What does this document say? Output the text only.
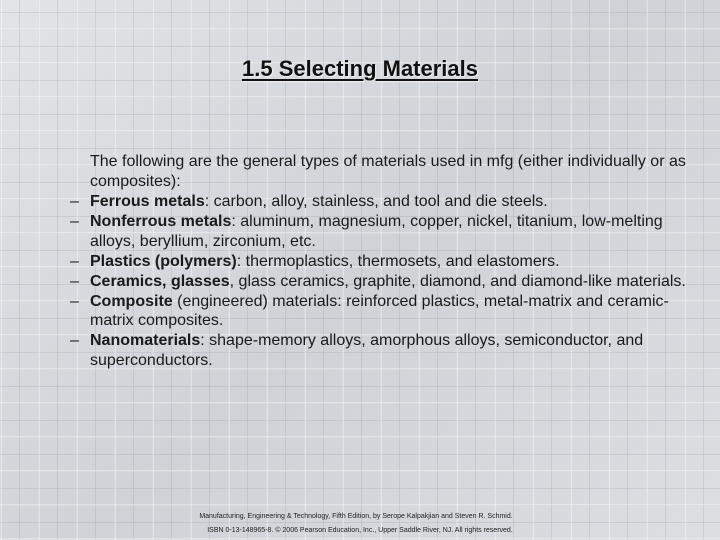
1.5 Selecting Materials

The following are the general types of materials used in mfg (either individually or as composites):

– Ferrous metals: carbon, alloy, stainless, and tool and die steels.
– Nonferrous metals: aluminum, magnesium, copper, nickel, titanium, low-melting alloys, beryllium, zirconium, etc.
– Plastics (polymers): thermoplastics, thermosets, and elastomers.
– Ceramics, glasses, glass ceramics, graphite, diamond, and diamond-like materials.
– Composite (engineered) materials: reinforced plastics, metal-matrix and ceramic-matrix composites.
– Nanomaterials: shape-memory alloys, amorphous alloys, semiconductor, and superconductors.
Manufacturing, Engineering & Technology, Fifth Edition, by Serope Kalpakjian and Steven R. Schmid.
ISBN 0-13-148965-8. © 2006 Pearson Education, Inc., Upper Saddle River, NJ. All rights reserved.
